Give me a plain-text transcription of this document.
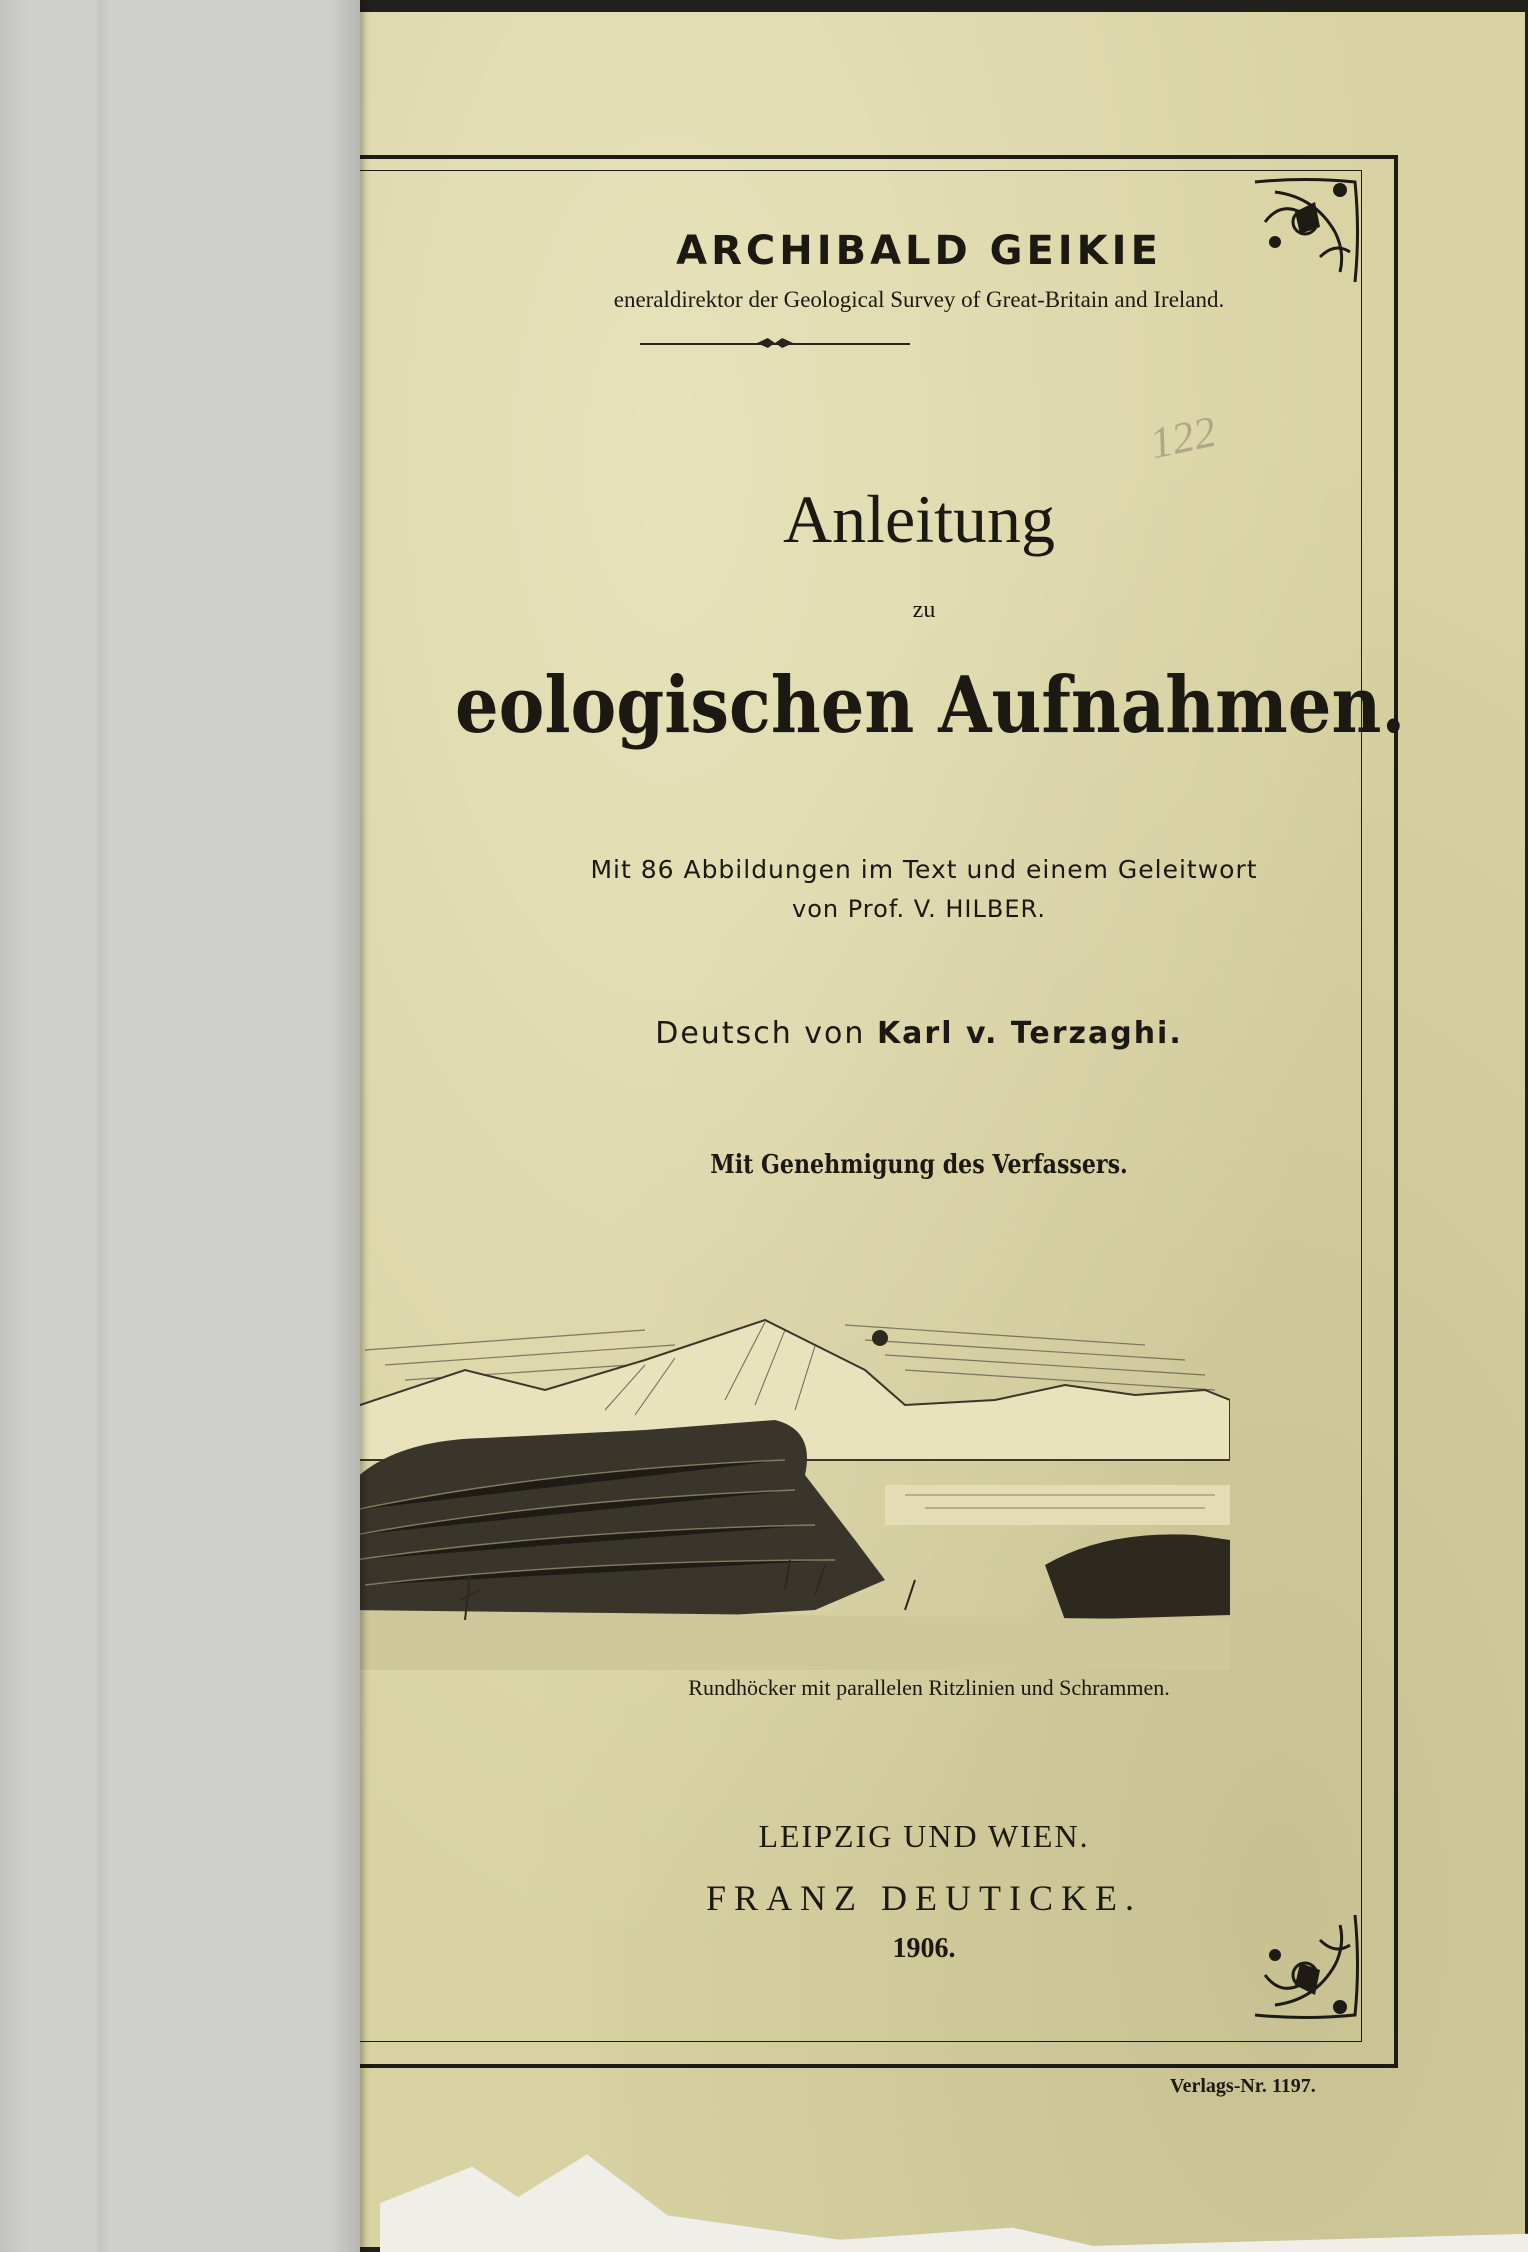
122
ARCHIBALD GEIKIE
eneraldirektor der Geological Survey of Great-Britain and Ireland.
Anleitung
zu
eologischen Aufnahmen.
Mit 86 Abbildungen im Text und einem Geleitwort
von Prof. V. HILBER.
Deutsch von Karl v. Terzaghi.
Mit Genehmigung des Verfassers.
Rundhöcker mit parallelen Ritzlinien und Schrammen.
LEIPZIG UND WIEN.
FRANZ DEUTICKE.
1906.
Verlags-Nr. 1197.
